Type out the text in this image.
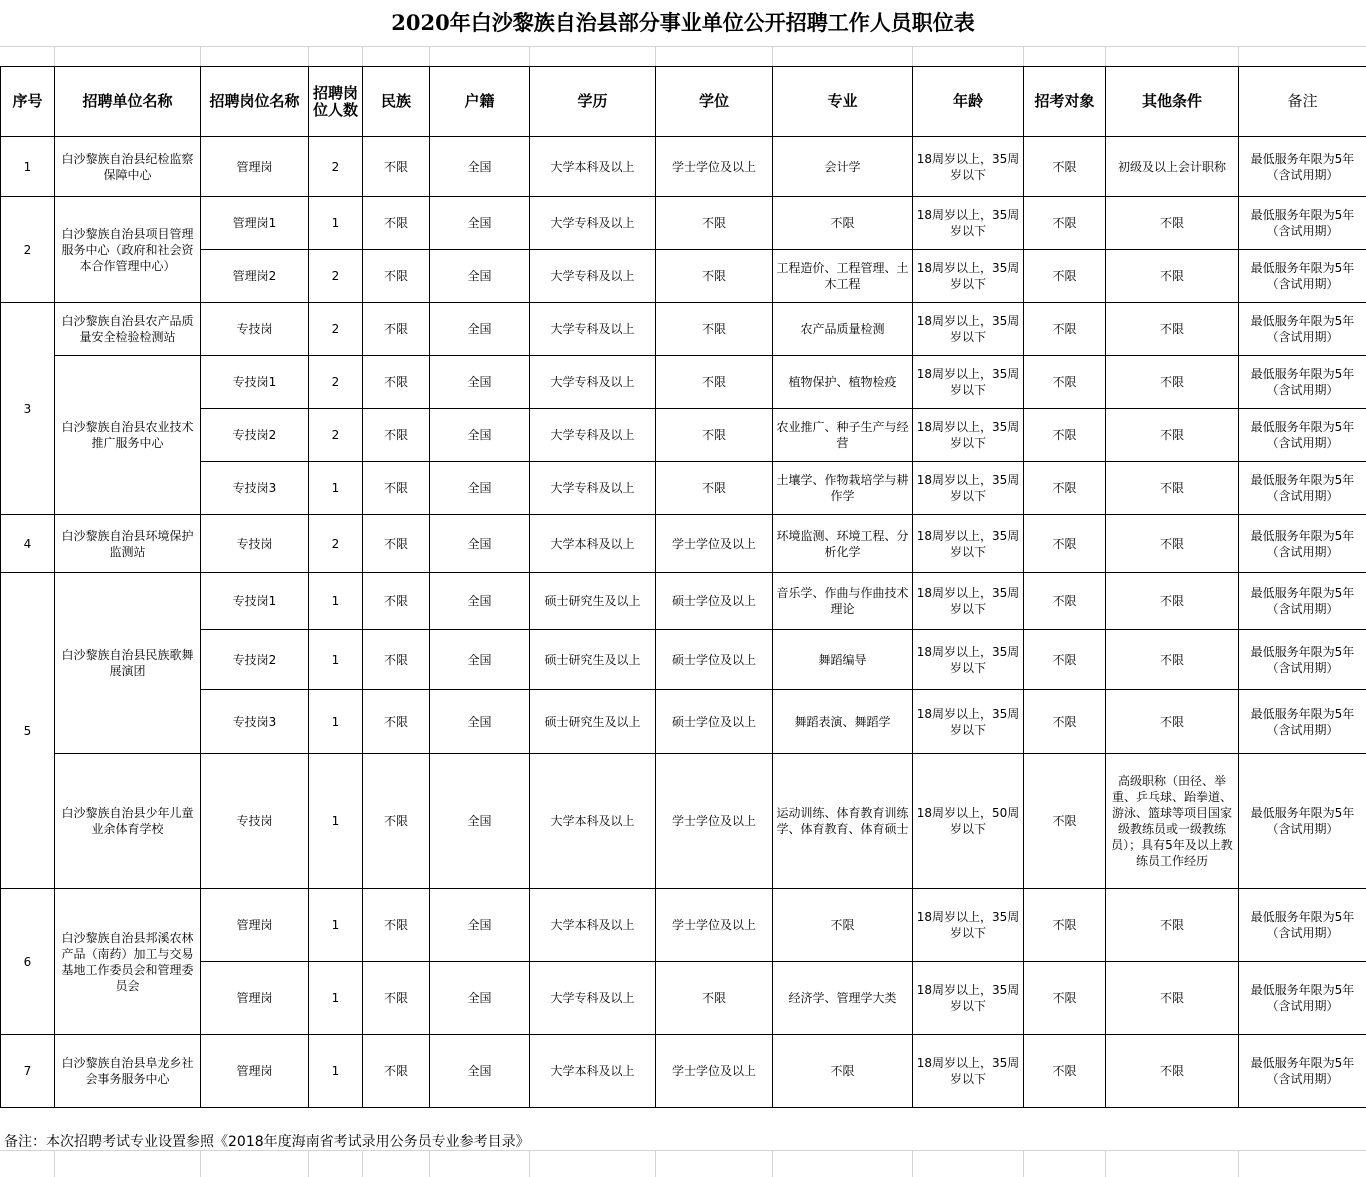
2020年白沙黎族自治县部分事业单位公开招聘工作人员职位表
序号	招聘单位名称	招聘岗位名称	招聘岗位人数	民族	户籍	学历	学位	专业	年龄	招考对象	其他条件	备注
1	白沙黎族自治县纪检监察保障中心	管理岗	2	不限	全国	大学本科及以上	学士学位及以上	会计学	18周岁以上，35周岁以下	不限	初级及以上会计职称	最低服务年限为5年（含试用期）
2	白沙黎族自治县项目管理服务中心（政府和社会资本合作管理中心）	管理岗1	1	不限	全国	大学专科及以上	不限	不限	18周岁以上，35周岁以下	不限	不限	最低服务年限为5年（含试用期）
		管理岗2	2	不限	全国	大学专科及以上	不限	工程造价、工程管理、土木工程	18周岁以上，35周岁以下	不限	不限	最低服务年限为5年（含试用期）
3	白沙黎族自治县农产品质量安全检验检测站	专技岗	2	不限	全国	大学专科及以上	不限	农产品质量检测	18周岁以上，35周岁以下	不限	不限	最低服务年限为5年（含试用期）
	白沙黎族自治县农业技术推广服务中心	专技岗1	2	不限	全国	大学专科及以上	不限	植物保护、植物检疫	18周岁以上，35周岁以下	不限	不限	最低服务年限为5年（含试用期）
		专技岗2	2	不限	全国	大学专科及以上	不限	农业推广、种子生产与经营	18周岁以上，35周岁以下	不限	不限	最低服务年限为5年（含试用期）
		专技岗3	1	不限	全国	大学专科及以上	不限	土壤学、作物栽培学与耕作学	18周岁以上，35周岁以下	不限	不限	最低服务年限为5年（含试用期）
4	白沙黎族自治县环境保护监测站	专技岗	2	不限	全国	大学本科及以上	学士学位及以上	环境监测、环境工程、分析化学	18周岁以上，35周岁以下	不限	不限	最低服务年限为5年（含试用期）
5	白沙黎族自治县民族歌舞展演团	专技岗1	1	不限	全国	硕士研究生及以上	硕士学位及以上	音乐学、作曲与作曲技术理论	18周岁以上，35周岁以下	不限	不限	最低服务年限为5年（含试用期）
		专技岗2	1	不限	全国	硕士研究生及以上	硕士学位及以上	舞蹈编导	18周岁以上，35周岁以下	不限	不限	最低服务年限为5年（含试用期）
		专技岗3	1	不限	全国	硕士研究生及以上	硕士学位及以上	舞蹈表演、舞蹈学	18周岁以上，35周岁以下	不限	不限	最低服务年限为5年（含试用期）
	白沙黎族自治县少年儿童业余体育学校	专技岗	1	不限	全国	大学本科及以上	学士学位及以上	运动训练、体育教育训练学、体育教育、体育硕士	18周岁以上，50周岁以下	不限	高级职称（田径、举重、乒乓球、跆拳道、游泳、篮球等项目国家级教练员或一级教练员）；具有5年及以上教练员工作经历	最低服务年限为5年（含试用期）
6	白沙黎族自治县邦溪农林产品（南药）加工与交易基地工作委员会和管理委员会	管理岗	1	不限	全国	大学本科及以上	学士学位及以上	不限	18周岁以上，35周岁以下	不限	不限	最低服务年限为5年（含试用期）
		管理岗	1	不限	全国	大学专科及以上	不限	经济学、管理学大类	18周岁以上，35周岁以下	不限	不限	最低服务年限为5年（含试用期）
7	白沙黎族自治县阜龙乡社会事务服务中心	管理岗	1	不限	全国	大学本科及以上	学士学位及以上	不限	18周岁以上，35周岁以下	不限	不限	最低服务年限为5年（含试用期）
备注：本次招聘考试专业设置参照《2018年度海南省考试录用公务员专业参考目录》
